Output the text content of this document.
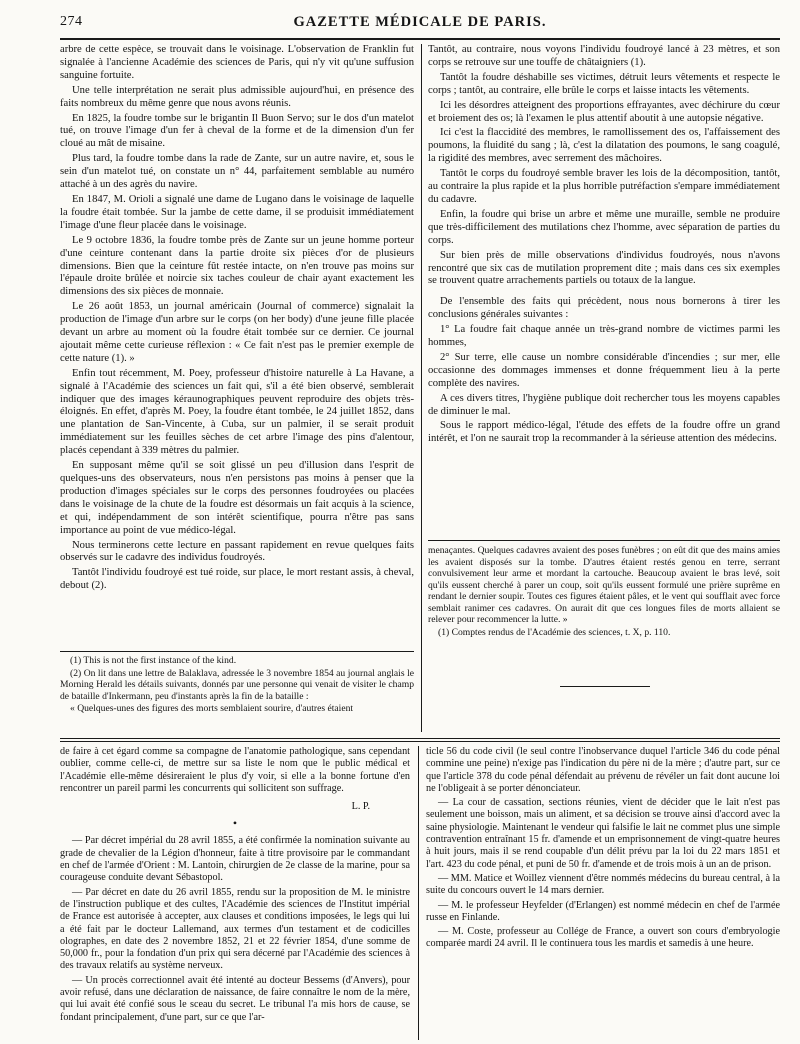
274	GAZETTE MÉDICALE DE PARIS.

arbre de cette espèce, se trouvait dans le voisinage. L'observation de Franklin fut signalée à l'ancienne Académie des sciences de Paris, qui n'y vit qu'une suffusion sanguine fortuite.

Une telle interprétation ne serait plus admissible aujourd'hui, en présence des faits nombreux du même genre que nous avons réunis.

En 1825, la foudre tombe sur le brigantin Il Buon Servo; sur le dos d'un matelot tué, on trouve l'image d'un fer à cheval de la forme et de la dimension d'un fer cloué au mât de misaine.

Plus tard, la foudre tombe dans la rade de Zante, sur un autre navire, et, sous le sein d'un matelot tué, on constate un n° 44, parfaitement semblable au numéro attaché à un des agrès du navire.

En 1847, M. Orioli a signalé une dame de Lugano dans le voisinage de laquelle la foudre était tombée. Sur la jambe de cette dame, il se produisit immédiatement l'image d'une fleur placée dans le voisinage.

Le 9 octobre 1836, la foudre tombe près de Zante sur un jeune homme porteur d'une ceinture contenant dans la partie droite six pièces d'or de plusieurs dimensions. Bien que la ceinture fût restée intacte, on n'en trouve pas moins sur l'épaule droite brûlée et noircie six taches couleur de chair ayant exactement les dimensions des six pièces de monnaie.

Le 26 août 1853, un journal américain (Journal of commerce) signalait la production de l'image d'un arbre sur le corps (on her body) d'une jeune fille placée devant un arbre au moment où la foudre était tombée sur ce dernier. Ce journal ajoutait même cette curieuse réflexion : « Ce fait n'est pas le premier exemple de cette nature (1). »

Enfin tout récemment, M. Poey, professeur d'histoire naturelle à La Havane, a signalé à l'Académie des sciences un fait qui, s'il a été bien observé, semblerait indiquer que des images kéraunographiques peuvent reproduire des objets très-éloignés. En effet, d'après M. Poey, la foudre étant tombée, le 24 juillet 1852, dans une plantation de San-Vincente, à Cuba, sur un palmier, il se serait produit immédiatement sur les feuilles sèches de cet arbre l'image des pins d'alentour, placés cependant à 339 mètres du palmier.

En supposant même qu'il se soit glissé un peu d'illusion dans l'esprit de quelques-uns des observateurs, nous n'en persistons pas moins à penser que la production d'images spéciales sur le corps des personnes foudroyées ou placées dans le voisinage de la chute de la foudre est désormais un fait acquis à la science, et qui, indépendamment de son intérêt scientifique, pourra n'être pas sans importance au point de vue médico-légal.

Nous terminerons cette lecture en passant rapidement en revue quelques faits observés sur le cadavre des individus foudroyés.

Tantôt l'individu foudroyé est tué roide, sur place, le mort restant assis, à cheval, debout (2).

(1) This is not the first instance of the kind.

(2) On lit dans une lettre de Balaklava, adressée le 3 novembre 1854 au journal anglais le Morning Herald les détails suivants, donnés par une personne qui venait de visiter le champ de bataille d'Inkermann, peu d'instants après la fin de la bataille :

« Quelques-unes des figures des morts semblaient sourire, d'autres étaient

Tantôt, au contraire, nous voyons l'individu foudroyé lancé à 23 mètres, et son corps se retrouve sur une touffe de châtaigniers (1).

Tantôt la foudre déshabille ses victimes, détruit leurs vêtements et respecte le corps ; tantôt, au contraire, elle brûle le corps et laisse intacts les vêtements.

Ici les désordres atteignent des proportions effrayantes, avec déchirure du cœur et broiement des os; là l'examen le plus attentif aboutit à une autopsie négative.

Ici c'est la flaccidité des membres, le ramollissement des os, l'affaissement des poumons, la fluidité du sang ; là, c'est la dilatation des poumons, le sang coagulé, la rigidité des membres, avec serrement des mâchoires.

Tantôt le corps du foudroyé semble braver les lois de la décomposition, tantôt, au contraire la plus rapide et la plus horrible putréfaction s'empare immédiatement du cadavre.

Enfin, la foudre qui brise un arbre et même une muraille, semble ne produire que très-difficilement des mutilations chez l'homme, avec séparation de parties du corps.

Sur bien près de mille observations d'individus foudroyés, nous n'avons rencontré que six cas de mutilation proprement dite ; mais dans ces six exemples se trouvent quatre arrachements partiels ou totaux de la langue.

De l'ensemble des faits qui précèdent, nous nous bornerons à tirer les conclusions générales suivantes :

1° La foudre fait chaque année un très-grand nombre de victimes parmi les hommes,

2° Sur terre, elle cause un nombre considérable d'incendies ; sur mer, elle occasionne des dommages immenses et donne fréquemment lieu à la perte complète des navires.

A ces divers titres, l'hygiène publique doit rechercher tous les moyens capables de diminuer le mal.

Sous le rapport médico-légal, l'étude des effets de la foudre offre un grand intérêt, et l'on ne saurait trop la recommander à la sérieuse attention des médecins.

menaçantes. Quelques cadavres avaient des poses funèbres ; on eût dit que des mains amies les avaient disposés sur la tombe. D'autres étaient restés genou en terre, serrant convulsivement leur arme et mordant la cartouche. Beaucoup avaient le bras levé, soit qu'ils eussent cherché à parer un coup, soit qu'ils eussent formulé une prière suprême en rendant le dernier soupir. Toutes ces figures étaient pâles, et le vent qui soufflait avec force semblait ranimer ces cadavres. On aurait dit que ces longues files de morts allaient se relever pour recommencer la lutte. »

(1) Comptes rendus de l'Académie des sciences, t. X, p. 110.

de faire à cet égard comme sa compagne de l'anatomie pathologique, sans cependant oublier, comme celle-ci, de mettre sur sa liste le nom que le public médical et l'Académie elle-même désireraient le plus d'y voir, si elle a la bonne fortune d'en rencontrer un pareil parmi les concurrents qui sollicitent son suffrage.

L. P.

•

— Par décret impérial du 28 avril 1855, a été confirmée la nomination suivante au grade de chevalier de la Légion d'honneur, faite à titre provisoire par le commandant en chef de l'armée d'Orient : M. Lantoin, chirurgien de 2e classe de la marine, pour sa courageuse conduite devant Sébastopol.

— Par décret en date du 26 avril 1855, rendu sur la proposition de M. le ministre de l'instruction publique et des cultes, l'Académie des sciences de l'Institut impérial de France est autorisée à accepter, aux clauses et conditions imposées, le legs qui lui a été fait par le docteur Lallemand, aux termes d'un testament et de codicilles olographes, en date des 2 novembre 1852, 21 et 22 février 1854, d'une somme de 50,000 fr., pour la fondation d'un prix qui sera décerné par l'Académie des sciences à des travaux relatifs au système nerveux.

— Un procès correctionnel avait été intenté au docteur Bessems (d'Anvers), pour avoir refusé, dans une déclaration de naissance, de faire connaître le nom de la mère, qui lui avait été confié sous le sceau du secret. Le tribunal l'a mis hors de cause, se fondant principalement, d'une part, sur ce que l'ar-

ticle 56 du code civil (le seul contre l'inobservance duquel l'article 346 du code pénal commine une peine) n'exige pas l'indication du père ni de la mère ; d'autre part, sur ce que l'article 378 du code pénal défendait au prévenu de révéler un fait dont aucune loi ne l'obligeait à se porter dénonciateur.

— La cour de cassation, sections réunies, vient de décider que le lait n'est pas seulement une boisson, mais un aliment, et sa décision se trouve ainsi d'accord avec la saine physiologie. Maintenant le vendeur qui falsifie le lait ne commet plus une simple contravention entraînant 15 fr. d'amende et un emprisonnement de vingt-quatre heures à huit jours, mais il se rend coupable d'un délit prévu par la loi du 22 mars 1851 et l'art. 423 du code pénal, et puni de 50 fr. d'amende et de trois mois à un an de prison.

— MM. Matice et Woillez viennent d'être nommés médecins du bureau central, à la suite du concours ouvert le 14 mars dernier.

— M. le professeur Heyfelder (d'Erlangen) est nommé médecin en chef de l'armée russe en Finlande.

— M. Coste, professeur au Collége de France, a ouvert son cours d'embryologie comparée mardi 24 avril. Il le continuera tous les mardis et samedis à une heure.
